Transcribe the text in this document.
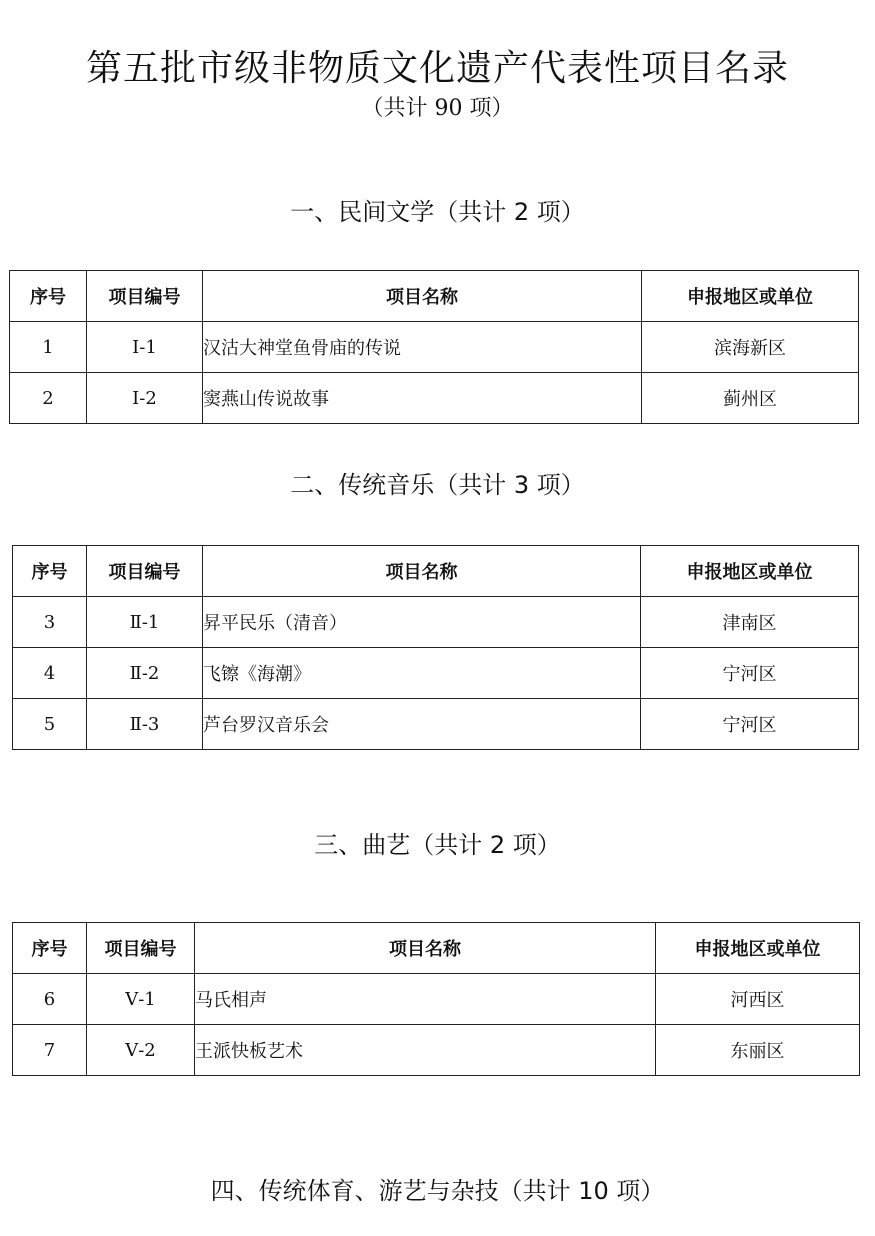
第五批市级非物质文化遗产代表性项目名录
（共计 90 项）
一、民间文学（共计 2 项）
序号	项目编号	项目名称	申报地区或单位
1	Ⅰ-1	汉沽大神堂鱼骨庙的传说	滨海新区
2	Ⅰ-2	窦燕山传说故事	蓟州区
二、传统音乐（共计 3 项）
序号	项目编号	项目名称	申报地区或单位
3	Ⅱ-1	昇平民乐（清音）	津南区
4	Ⅱ-2	飞镲《海潮》	宁河区
5	Ⅱ-3	芦台罗汉音乐会	宁河区
三、曲艺（共计 2 项）
序号	项目编号	项目名称	申报地区或单位
6	Ⅴ-1	马氏相声	河西区
7	Ⅴ-2	王派快板艺术	东丽区
四、传统体育、游艺与杂技（共计 10 项）
